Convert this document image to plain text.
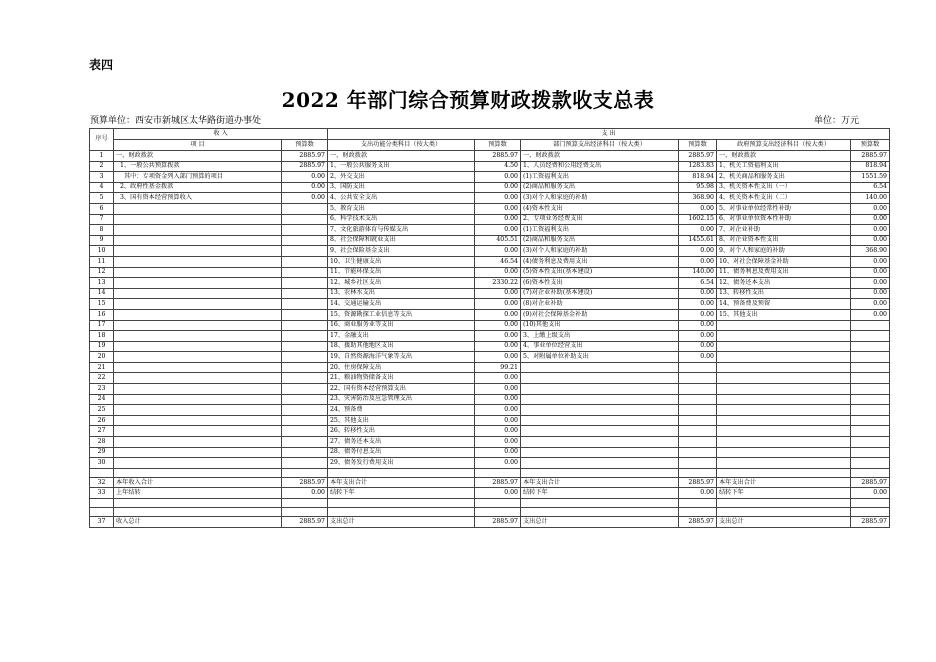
表四
2022 年部门综合预算财政拨款收支总表
预算单位：西安市新城区太华路街道办事处	单位：万元
序号	收 入		支 出					
	项 目	预算数	支出功能分类科目（按大类）	预算数	部门预算支出经济科目（按大类）	预算数	政府预算支出经济科目（按大类）	预算数
1	一、财政拨款	2885.97	一、财政拨款	2885.97	一、财政拨款	2885.97	一、财政拨款	2885.97
2	1、一般公共预算拨款	2885.97	1、一般公共服务支出	4.50	1、人员经费和公用经费支出	1283.83	1、机关工资福利支出	818.94
3	其中：专项资金列入部门预算的项目	0.00	2、外交支出	0.00	(1)工资福利支出	818.94	2、机关商品和服务支出	1551.59
4	2、政府性基金拨款	0.00	3、国防支出	0.00	(2)商品和服务支出	95.98	3、机关资本性支出（一）	6.54
5	3、国有资本经营预算收入	0.00	4、公共安全支出	0.00	(3)对个人和家庭的补助	368.90	4、机关资本性支出（二）	140.00
6			5、教育支出	0.00	(4)资本性支出	0.00	5、对事业单位经常性补助	0.00
7			6、科学技术支出	0.00	2、专项业务经费支出	1602.15	6、对事业单位资本性补助	0.00
8			7、文化旅游体育与传媒支出	0.00	(1)工资福利支出	0.00	7、对企业补助	0.00
9			8、社会保障和就业支出	405.51	(2)商品和服务支出	1455.61	8、对企业资本性支出	0.00
10			9、社会保险基金支出	0.00	(3)对个人和家庭的补助	0.00	9、对个人和家庭的补助	368.90
11			10、卫生健康支出	46.54	(4)债务利息及费用支出	0.00	10、对社会保障基金补助	0.00
12			11、节能环保支出	0.00	(5)资本性支出(基本建设)	140.00	11、债务利息及费用支出	0.00
13			12、城乡社区支出	2330.22	(6)资本性支出	6.54	12、债务还本支出	0.00
14			13、农林水支出	0.00	(7)对企业补助(基本建设)	0.00	13、转移性支出	0.00
15			14、交通运输支出	0.00	(8)对企业补助	0.00	14、预备费及预留	0.00
16			15、资源勘探工业信息等支出	0.00	(9)对社会保障基金补助	0.00	15、其他支出	0.00
17			16、商业服务业等支出	0.00	(10)其他支出	0.00		
18			17、金融支出	0.00	3、上缴上级支出	0.00		
19			18、援助其他地区支出	0.00	4、事业单位经营支出	0.00		
20			19、自然资源海洋气象等支出	0.00	5、对附属单位补助支出	0.00		
21			20、住房保障支出	99.21				
22			21、粮油物资储备支出	0.00				
23			22、国有资本经营预算支出	0.00				
24			23、灾害防治及应急管理支出	0.00				
25			24、预备费	0.00				
26			25、其他支出	0.00				
27			26、转移性支出	0.00				
28			27、债务还本支出	0.00				
29			28、债务付息支出	0.00				
30			29、债务发行费用支出	0.00				

32	本年收入合计	2885.97	本年支出合计	2885.97	本年支出合计	2885.97	本年支出合计	2885.97
33	上年结转	0.00	结转下年	0.00	结转下年	0.00	结转下年	0.00

37	收入总计	2885.97	支出总计	2885.97	支出总计	2885.97	支出总计	2885.97
